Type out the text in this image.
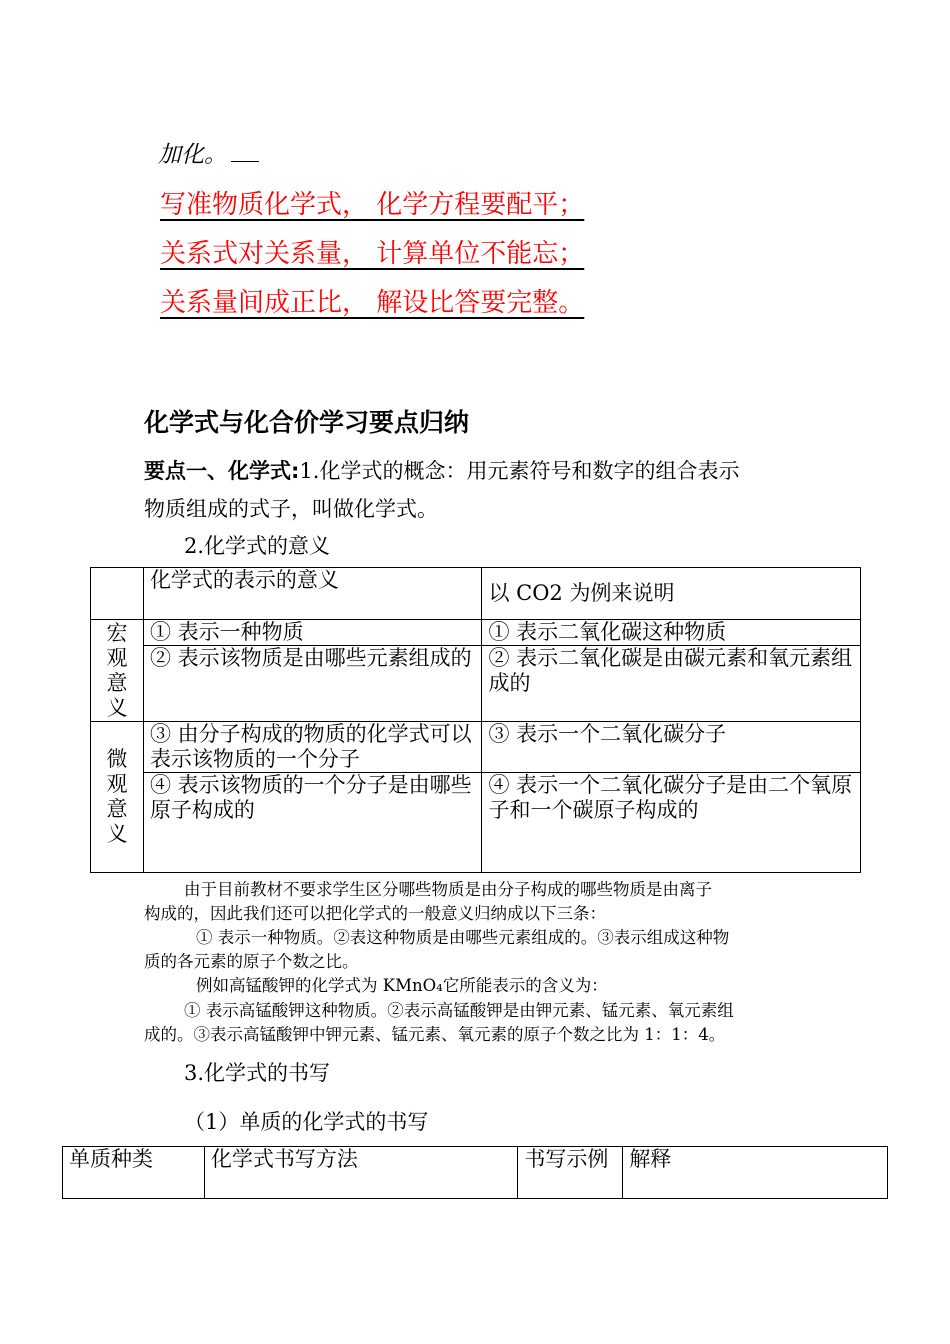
加化。
写准物质化学式， 化学方程要配平；
关系式对关系量， 计算单位不能忘；
关系量间成正比， 解设比答要完整。
化学式与化合价学习要点归纳
要点一、化学式:1.化学式的概念：用元素符号和数字的组合表示
物质组成的式子，叫做化学式。
2.化学式的意义
	化学式的表示的意义	以 CO2 为例来说明

宏
观
意
义	① 表示一种物质	① 表示二氧化碳这种物质
	② 表示该物质是由哪些元素组成的	② 表示二氧化碳是由碳元素和氧元素组成的

微
观
意
义	③ 由分子构成的物质的化学式可以表示该物质的一个分子	③ 表示一个二氧化碳分子
	④ 表示该物质的一个分子是由哪些原子构成的	④ 表示一个二氧化碳分子是由二个氧原子和一个碳原子构成的
由于目前教材不要求学生区分哪些物质是由分子构成的哪些物质是由离子
构成的，因此我们还可以把化学式的一般意义归纳成以下三条：
① 表示一种物质。②表这种物质是由哪些元素组成的。③表示组成这种物
质的各元素的原子个数之比。
例如高锰酸钾的化学式为 KMnO₄它所能表示的含义为：
① 表示高锰酸钾这种物质。②表示高锰酸钾是由钾元素、锰元素、氧元素组
成的。③表示高锰酸钾中钾元素、锰元素、氧元素的原子个数之比为 1：1：4。
3.化学式的书写
（1）单质的化学式的书写
单质种类	化学式书写方法	书写示例	解释
